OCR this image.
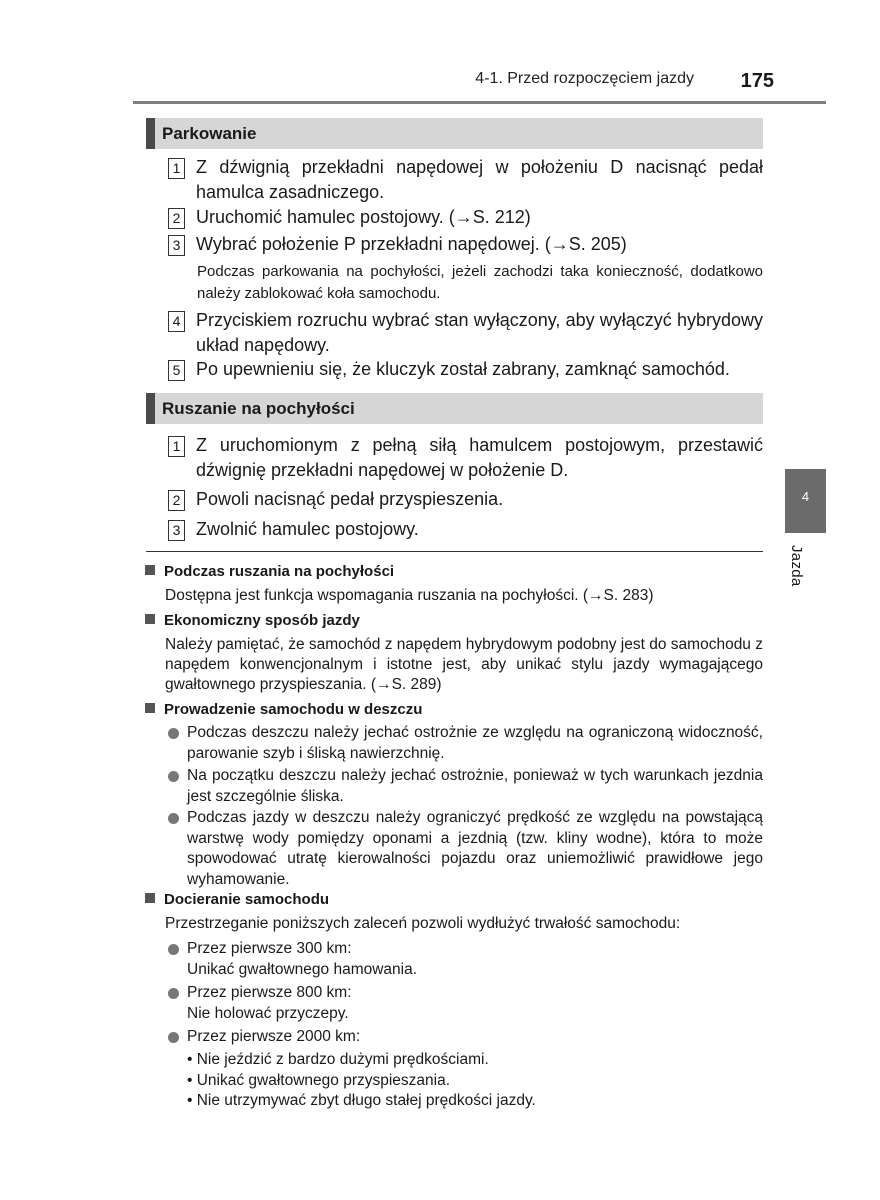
4-1. Przed rozpoczęciem jazdy 175
Parkowanie
1 Z dźwignią przekładni napędowej w położeniu D nacisnąć pedał hamulca zasadniczego.
2 Uruchomić hamulec postojowy. (→S. 212)
3 Wybrać położenie P przekładni napędowej. (→S. 205)
Podczas parkowania na pochyłości, jeżeli zachodzi taka konieczność, dodatkowo należy zablokować koła samochodu.
4 Przyciskiem rozruchu wybrać stan wyłączony, aby wyłączyć hybrydowy układ napędowy.
5 Po upewnieniu się, że kluczyk został zabrany, zamknąć samochód.
Ruszanie na pochyłości
1 Z uruchomionym z pełną siłą hamulcem postojowym, przestawić dźwignię przekładni napędowej w położenie D.
2 Powoli nacisnąć pedał przyspieszenia.
3 Zwolnić hamulec postojowy.
Podczas ruszania na pochyłości
Dostępna jest funkcja wspomagania ruszania na pochyłości. (→S. 283)
Ekonomiczny sposób jazdy
Należy pamiętać, że samochód z napędem hybrydowym podobny jest do samochodu z napędem konwencjonalnym i istotne jest, aby unikać stylu jazdy wymagającego gwałtownego przyspieszania. (→S. 289)
Prowadzenie samochodu w deszczu
Podczas deszczu należy jechać ostrożnie ze względu na ograniczoną widoczność, parowanie szyb i śliską nawierzchnię.
Na początku deszczu należy jechać ostrożnie, ponieważ w tych warunkach jezdnia jest szczególnie śliska.
Podczas jazdy w deszczu należy ograniczyć prędkość ze względu na powstającą warstwę wody pomiędzy oponami a jezdnią (tzw. kliny wodne), która to może spowodować utratę kierowalności pojazdu oraz uniemożliwić prawidłowe jego wyhamowanie.
Docieranie samochodu
Przestrzeganie poniższych zaleceń pozwoli wydłużyć trwałość samochodu:
Przez pierwsze 300 km:
Unikać gwałtownego hamowania.
Przez pierwsze 800 km:
Nie holować przyczepy.
Przez pierwsze 2000 km:
• Nie jeździć z bardzo dużymi prędkościami.
• Unikać gwałtownego przyspieszania.
• Nie utrzymywać zbyt długo stałej prędkości jazdy.
4
Jazda
